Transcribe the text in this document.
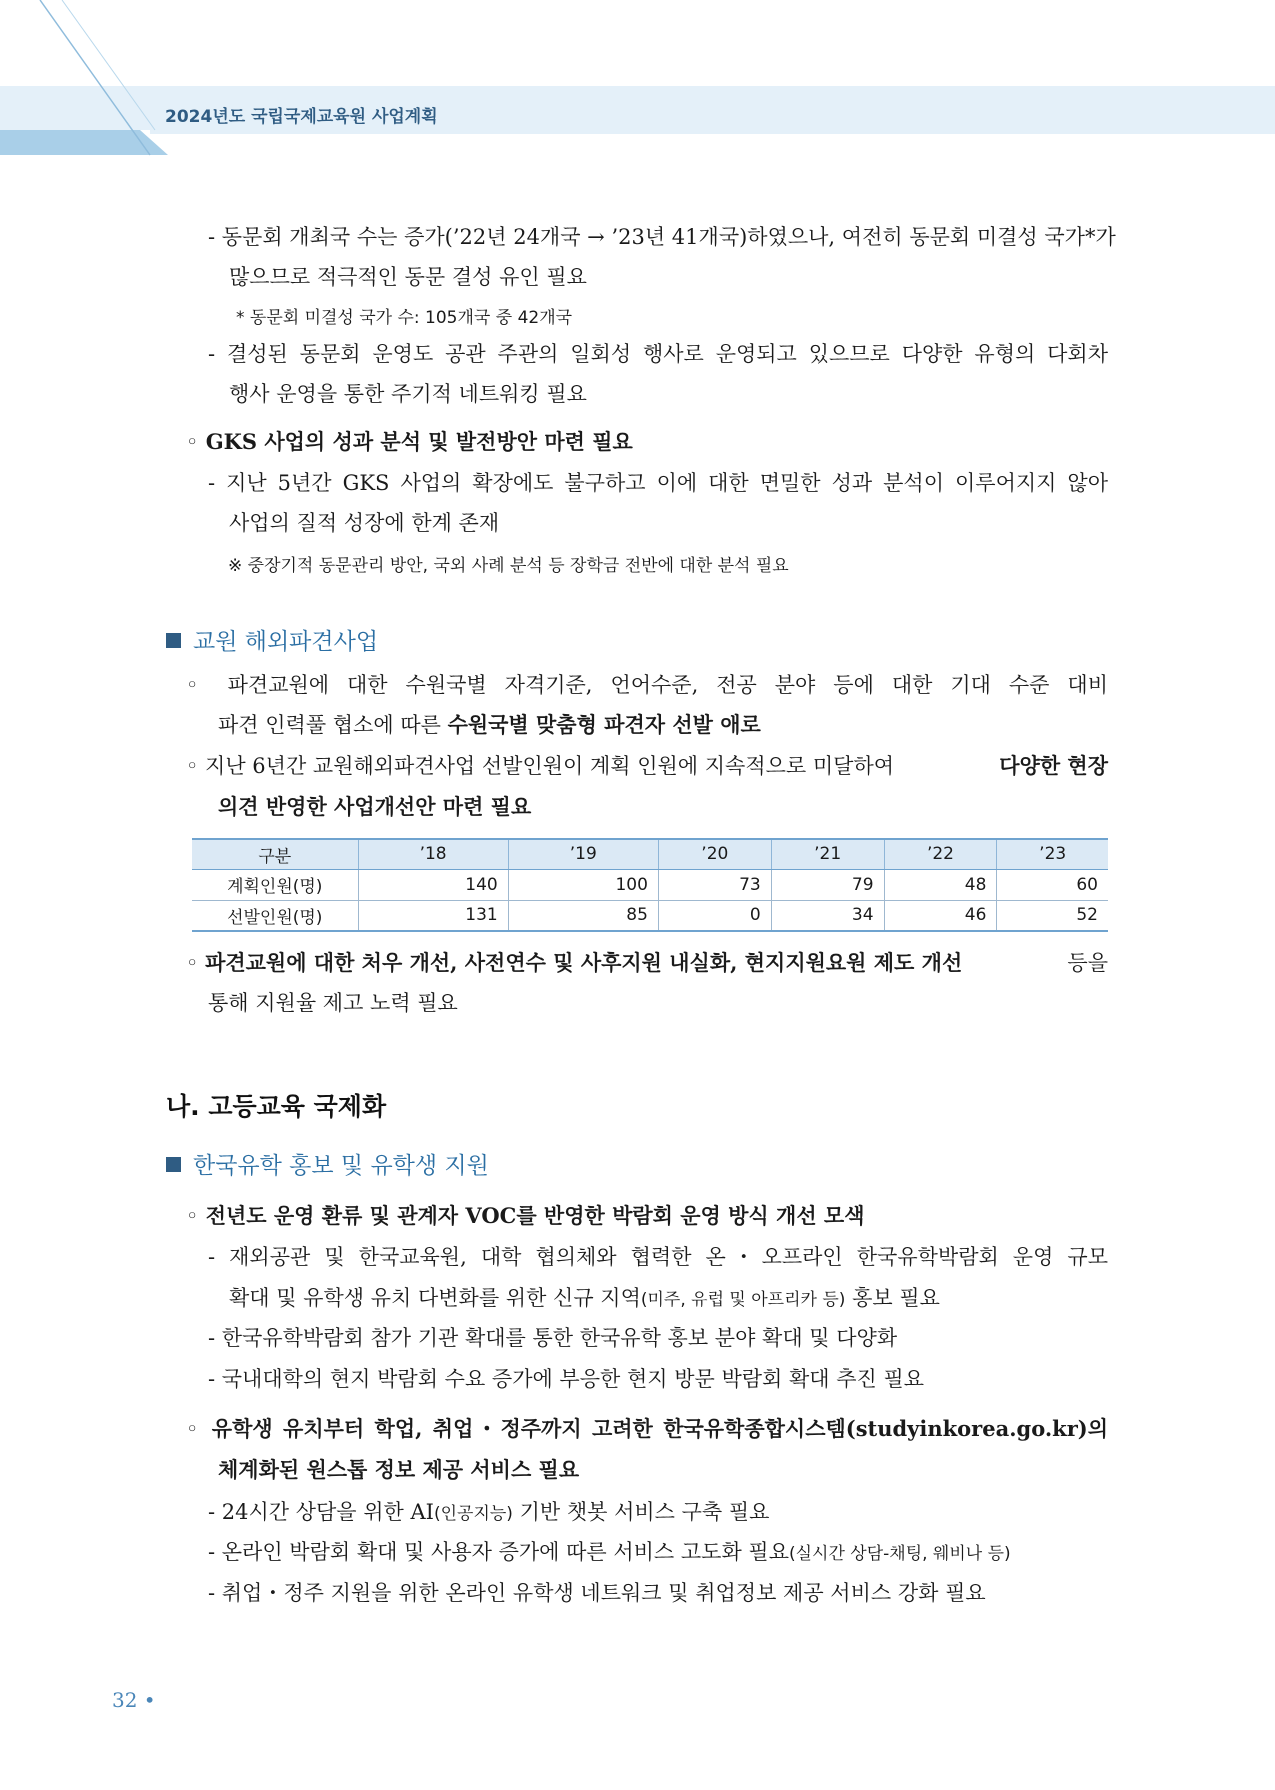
2024년도 국립국제교육원 사업계획
- 동문회 개최국 수는 증가(’22년 24개국 → ’23년 41개국)하였으나, 여전히 동문회 미결성 국가*가
많으므로 적극적인 동문 결성 유인 필요
* 동문회 미결성 국가 수: 105개국 중 42개국
- 결성된 동문회 운영도 공관 주관의 일회성 행사로 운영되고 있으므로 다양한 유형의 다회차
행사 운영을 통한 주기적 네트워킹 필요
◦ GKS 사업의 성과 분석 및 발전방안 마련 필요
- 지난 5년간 GKS 사업의 확장에도 불구하고 이에 대한 면밀한 성과 분석이 이루어지지 않아
사업의 질적 성장에 한계 존재
※ 중장기적 동문관리 방안, 국외 사례 분석 등 장학금 전반에 대한 분석 필요
교원 해외파견사업
◦ 파견교원에 대한 수원국별 자격기준, 언어수준, 전공 분야 등에 대한 기대 수준 대비
파견 인력풀 협소에 따른 수원국별 맞춤형 파견자 선발 애로
◦ 지난 6년간 교원해외파견사업 선발인원이 계획 인원에 지속적으로 미달하여	다양한 현장
의견 반영한 사업개선안 마련 필요
구분	’18	’19	’20	’21	’22	’23
계획인원(명)	140	100	73	79	48	60
선발인원(명)	131	85	0	34	46	52
◦ 파견교원에 대한 처우 개선, 사전연수 및 사후지원 내실화, 현지지원요원 제도 개선	등을
통해 지원율 제고 노력 필요
나. 고등교육 국제화
한국유학 홍보 및 유학생 지원
◦ 전년도 운영 환류 및 관계자 VOC를 반영한 박람회 운영 방식 개선 모색
- 재외공관 및 한국교육원, 대학 협의체와 협력한 온・오프라인 한국유학박람회 운영 규모
확대 및 유학생 유치 다변화를 위한 신규 지역(미주, 유럽 및 아프리카 등) 홍보 필요
- 한국유학박람회 참가 기관 확대를 통한 한국유학 홍보 분야 확대 및 다양화
- 국내대학의 현지 박람회 수요 증가에 부응한 현지 방문 박람회 확대 추진 필요
◦ 유학생 유치부터 학업, 취업・정주까지 고려한 한국유학종합시스템(studyinkorea.go.kr)의
체계화된 원스톱 정보 제공 서비스 필요
- 24시간 상담을 위한 AI(인공지능) 기반 챗봇 서비스 구축 필요
- 온라인 박람회 확대 및 사용자 증가에 따른 서비스 고도화 필요(실시간 상담-채팅, 웨비나 등)
- 취업・정주 지원을 위한 온라인 유학생 네트워크 및 취업정보 제공 서비스 강화 필요
32 •
